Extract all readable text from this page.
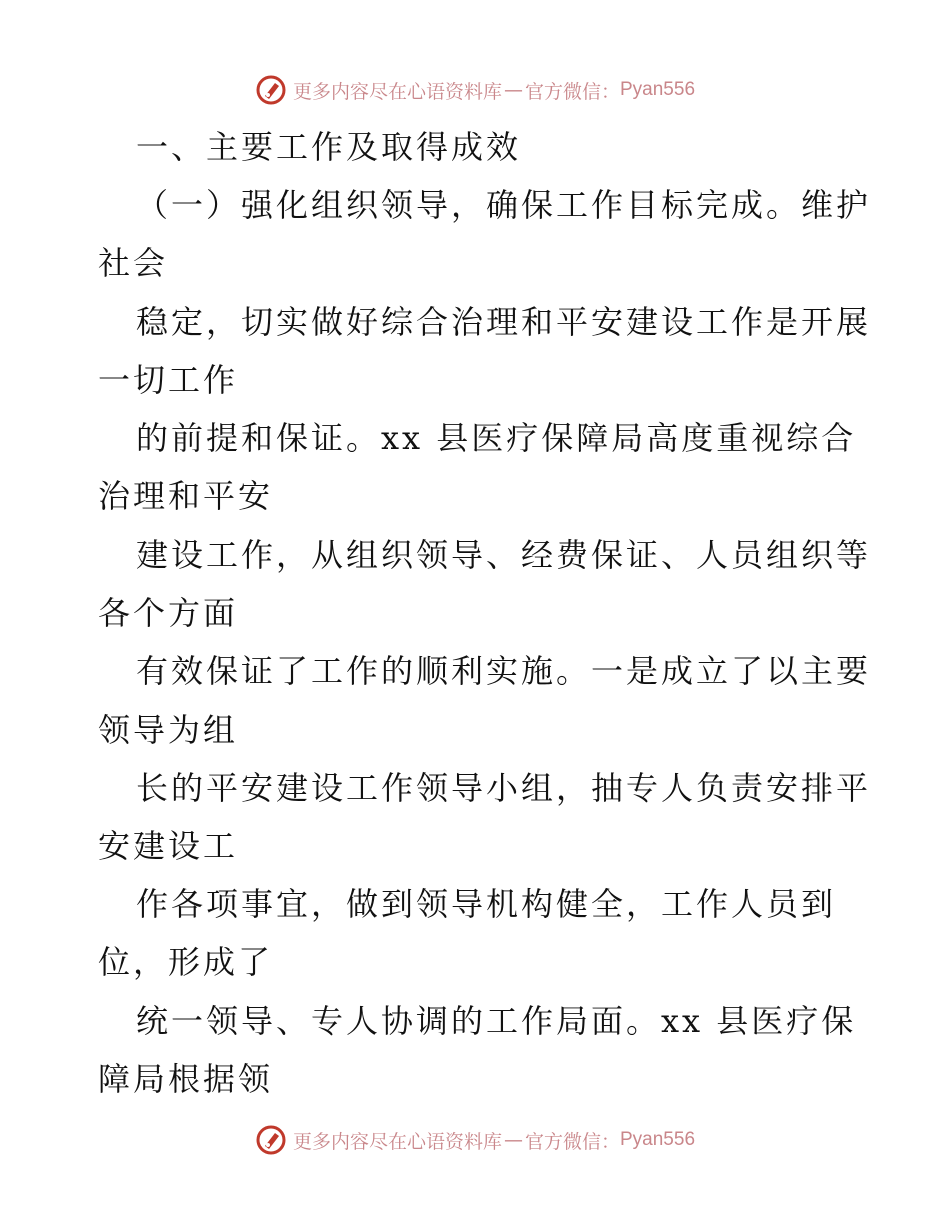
更多内容尽在心语资料库 — 官方微信： Pyan556
一、主要工作及取得成效
（一）强化组织领导，确保工作目标完成。维护
社会
稳定，切实做好综合治理和平安建设工作是开展
一切工作
的前提和保证。xx 县医疗保障局高度重视综合
治理和平安
建设工作，从组织领导、经费保证、人员组织等
各个方面
有效保证了工作的顺利实施。一是成立了以主要
领导为组
长的平安建设工作领导小组，抽专人负责安排平
安建设工
作各项事宜，做到领导机构健全，工作人员到
位，形成了
统一领导、专人协调的工作局面。xx 县医疗保
障局根据领
更多内容尽在心语资料库 — 官方微信： Pyan556
